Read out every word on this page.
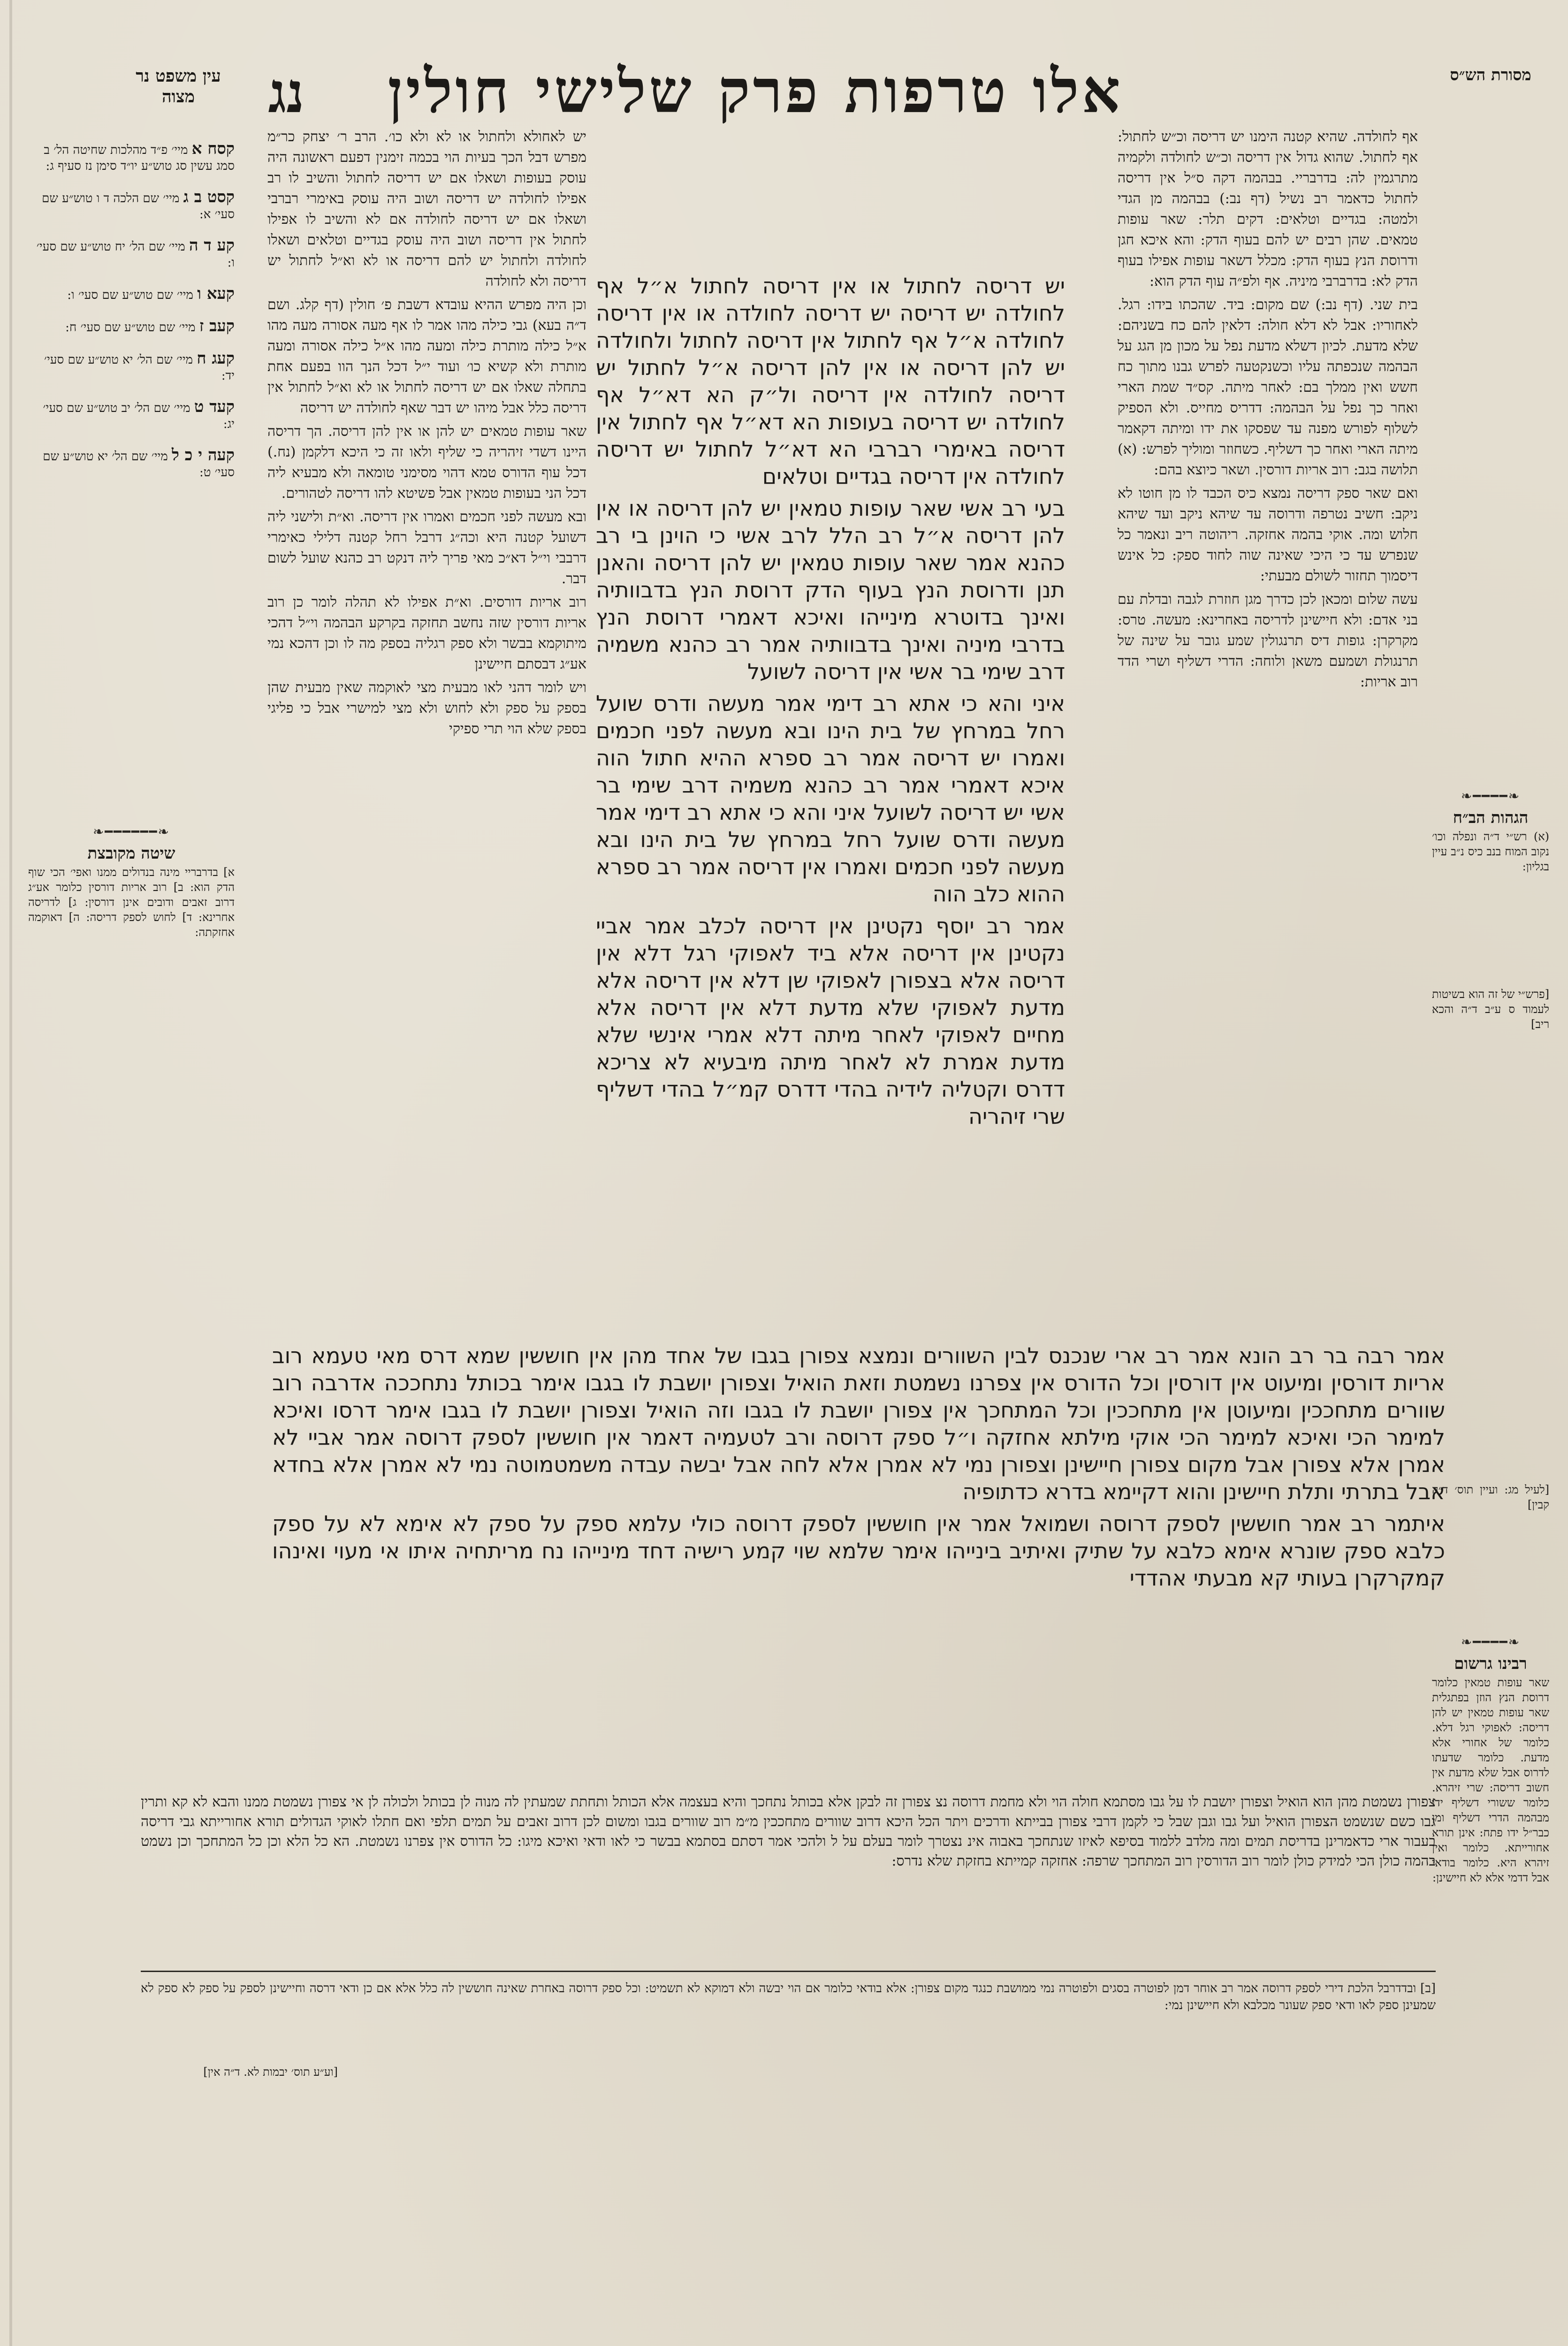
מסורת הש״ס
אלו טרפות פרק שלישי חולין
נג
עין משפט נר מצוה
❧━━━━❧
הגהות הב״ח
(א) רש״י ד״ה ונפלה וכו׳ נקוב המוח בנב כיס נ״ב עיין בגליון:
[פרש״י של זה הוא בשיטות לעמוד ס ע״ב ד״ה והכא ריב]
[לעיל מג: ועיין תוס׳ ד״ה קבין]
❧━━━━❧
רבינו גרשום
שאר עופות טמאין כלומר דרוסת הנץ הוזן בפתגלית שאר עופות טמאין יש להן דריסה: לאפוקי רגל דלא. כלומר של אחורי אלא מדעת. כלומר שדעתו לדרוס אבל שלא מדעת אין חשוב דריסה: שרי זיהרא. כלומר ששורי דשליף ידו מבהמה הדרי דשליף ומן כבר״ל ידו פתח: אינן תורא אחורייתא. כלומר ואין זיהרא היא. כלומר בודאי אבל דדמי אלא לא חיישינן:
קסח א מיי׳ פ״ד מהלכות שחיטה הל׳ ב סמג עשין סג טוש״ע יו״ד סימן נז סעיף ג:
קסט ב ג מיי׳ שם הלכה ד ו טוש״ע שם סעי׳ א:
קע ד ה מיי׳ שם הל׳ יח טוש״ע שם סעי׳ ו:
קעא ו מיי׳ שם טוש״ע שם סעי׳ ו:
קעב ז מיי׳ שם טוש״ע שם סעי׳ ח:
קעג ח מיי׳ שם הל׳ יא טוש״ע שם סעי׳ יד:
קעד ט מיי׳ שם הל׳ יב טוש״ע שם סעי׳ יג:
קעה י כ ל מיי׳ שם הל׳ יא טוש״ע שם סעי׳ ט:
❧━━━━━━❧
שיטה מקובצת
א] בדרבריי מינה בנדולים ממנו ואפי׳ הכי שוף הדק הוא: ב] רוב אריות דורסין כלומר אע״ג דרוב זאבים ודובים אינן דורסין: ג] לדריסה אחרינא: ד] לחוש לספק דריסה: ה] דאוקמה אחזקתה:

אף לחולדה. שהיא קטנה הימנו יש דריסה וכ״ש לחתול: אף לחתול. שהוא גדול אין דריסה וכ״ש לחולדה ולקמיה מתרגמין לה: בדרבריי. בבהמה דקה ס״ל אין דריסה לחתול כדאמר רב נשיל (דף נב:) בבהמה מן הגדי ולמטה: בגדיים וטלאים: דקים תלר: שאר עופות טמאים. שהן רבים יש להם בעוף הדק: והא איכא חגן ודרוסת הנץ בעוף הדק: מכלל דשאר עופות אפילו בעוף הדק לא: בדרברבי מיניה. אף ולפ״ה עוף הדק הוא:

בית שני. (דף נב:) שם מקום: ביד. שהכתו בידו: רגל. לאחוריו: אבל לא דלא חולה: דלאין להם כח בשניהם: שלא מדעת. לכיון דשלא מדעת נפל על מכון מן הגג על הבהמה שנכפתה עליו וכשנקטעה לפרש גבנו מתוך כח חשש ואין ממלך בם: לאחר מיתה. קס״ד שמת הארי ואחר כך נפל על הבהמה: דדריס מחייס. ולא הספיק לשלוף לפורש מפנה עד שפסקו את ידו ומיתה דקאמר מיתה הארי ואחר כך דשליף. כשחוזר ומוליך לפרש: (א) תלושה בגב: רוב אריות דורסין. ושאר כיוצא בהם:

ואם שאר ספק דריסה נמצא כיס הכבד לו מן חוטו לא ניקב: חשיב נטרפה ודרוסה עד שיהא ניקב ועד שיהא חלוש ומה. אוקי בהמה אחזקה. ריהוטה ריב ונאמר כל שנפרש עד כי היכי שאינה שוה לחוד ספק: כל אינש דיסמוך תחזור לשולם מבעתי:

עשה שלום ומכאן לכן כדרך מגן חוזרת לגבה ובדלת עם בני אדם: ולא חיישינן לדריסה באחרינא: מעשה. טרס: מקרקרן: גופות דיס תרנגולין שמע גובר על שינה של תרנגולת ושמעם משאן ולוחה: הדרי דשליף ושרי הדד רוב אריות:

יש דריסה לחתול או אין דריסה לחתול א״ל אף לחולדה יש דריסה יש דריסה לחולדה או אין דריסה לחולדה א״ל אף לחתול אין דריסה לחתול ולחולדה יש להן דריסה או אין להן דריסה א״ל לחתול יש דריסה לחולדה אין דריסה ול״ק הא דא״ל אף לחולדה יש דריסה בעופות הא דא״ל אף לחתול אין דריסה באימרי רברבי הא דא״ל לחתול יש דריסה לחולדה אין דריסה בגדיים וטלאים

בעי רב אשי שאר עופות טמאין יש להן דריסה או אין להן דריסה א״ל רב הלל לרב אשי כי הוינן בי רב כהנא אמר שאר עופות טמאין יש להן דריסה והאנן תנן ודרוסת הנץ בעוף הדק דרוסת הנץ בדבוותיה ואינך בדוטרא מינייהו ואיכא דאמרי דרוסת הנץ בדרבי מיניה ואינך בדבוותיה אמר רב כהנא משמיה דרב שימי בר אשי אין דריסה לשועל

איני והא כי אתא רב דימי אמר מעשה ודרס שועל רחל במרחץ של בית הינו ובא מעשה לפני חכמים ואמרו יש דריסה אמר רב ספרא ההיא חתול הוה איכא דאמרי אמר רב כהנא משמיה דרב שימי בר אשי יש דריסה לשועל איני והא כי אתא רב דימי אמר מעשה ודרס שועל רחל במרחץ של בית הינו ובא מעשה לפני חכמים ואמרו אין דריסה אמר רב ספרא ההוא כלב הוה

אמר רב יוסף נקטינן אין דריסה לכלב אמר אביי נקטינן אין דריסה אלא ביד לאפוקי רגל דלא אין דריסה אלא בצפורן לאפוקי שן דלא אין דריסה אלא מדעת לאפוקי שלא מדעת דלא אין דריסה אלא מחיים לאפוקי לאחר מיתה דלא אמרי אינשי שלא מדעת אמרת לא לאחר מיתה מיבעיא לא צריכא דדרס וקטליה לידיה בהדי דדרס קמ״ל בהדי דשליף שרי זיהריה

יש לאחולא ולחתול או לא ולא כו׳. הרב ר׳ יצחק כר״מ מפרש דבל הכך בעיות הוי בכמה זימנין דפעם ראשונה היה עוסק בעופות ושאלו אם יש דריסה לחתול והשיב לו רב אפילו לחולדה יש דריסה ושוב היה עוסק באימרי רברבי ושאלו אם יש דריסה לחולדה אם לא והשיב לו אפילו לחתול אין דריסה ושוב היה עוסק בגדיים וטלאים ושאלו לחולדה ולחתול יש להם דריסה או לא וא״ל לחתול יש דריסה ולא לחולדה

וכן היה מפרש ההיא עובדא דשבת פ׳ חולין (דף קלג. ושם ד״ה בעא) גבי כילה מהו אמר לו אף מעה אסורה מעה מהו א״ל כילה מותרת כילה ומעה מהו א״ל כילה אסורה ומעה מותרת ולא קשיא כו׳ ועוד י״ל דכל הנך הוו בפעם אחת בתחלה שאלו אם יש דריסה לחתול או לא וא״ל לחתול אין דריסה כלל אבל מיהו יש דבר שאף לחולדה יש דריסה

שאר עופות טמאים יש להן או אין להן דריסה. הך דריסה היינו דשדי זיהריה כי שליף ולאו זה כי היכא דלקמן (נח.) דכל עוף הדורס טמא דהוי מסימני טומאה ולא מבעיא ליה דכל הני בעופות טמאין אבל פשיטא להו דריסה לטהורים.

ובא מעשה לפני חכמים ואמרו אין דריסה. וא״ת ולישני ליה דשועל קטנה היא וכה״ג דרבל רחל קטנה דלילי כאימרי דרבבי וי״ל דא״כ מאי פריך ליה דנקט רב כהנא שועל לשום דבר.

רוב אריות דורסים. וא״ת אפילו לא תהלה לומר כן רוב אריות דורסין שזה נחשב תחזקה בקרקע הבהמה וי״ל דהכי מיתוקמא בבשר ולא ספק רגליה בספק מה לו וכן דהכא נמי אע״ג דבסתם חיישינן

ויש לומר דהני לאו מבעית מצי לאוקמה שאין מבעית שהן בספק על ספק ולא לחוש ולא מצי למישרי אבל כי פליגי בספק שלא הוי תרי ספיקי

אמר רבה בר רב הונא אמר רב ארי שנכנס לבין השוורים ונמצא צפורן בגבו של אחד מהן אין חוששין שמא דרס מאי טעמא רוב אריות דורסין ומיעוט אין דורסין וכל הדורס אין צפרנו נשמטת וזאת הואיל וצפורן יושבת לו בגבו אימר בכותל נתחככה אדרבה רוב שוורים מתחככין ומיעוטן אין מתחככין וכל המתחכך אין צפורן יושבת לו בגבו וזה הואיל וצפורן יושבת לו בגבו אימר דרסו ואיכא למימר הכי ואיכא למימר הכי אוקי מילתא אחזקה ו״ל ספק דרוסה ורב לטעמיה דאמר אין חוששין לספק דרוסה אמר אביי לא אמרן אלא צפורן אבל מקום צפורן חיישינן וצפורן נמי לא אמרן אלא לחה אבל יבשה עבדה משמטמוטה נמי לא אמרן אלא בחדא אבל בתרתי ותלת חיישינן והוא דקיימא בדרא כדתופיה

איתמר רב אמר חוששין לספק דרוסה ושמואל אמר אין חוששין לספק דרוסה כולי עלמא ספק על ספק לא אימא לא על ספק כלבא ספק שונרא אימא כלבא על שתיק ואיתיב בינייהו אימר שלמא שוי קמע רישיה דחד מינייהו נח מריתחיה איתו אי מעוי ואינהו קמקרקרן בעותי קא מבעתי אהדדי

צפורן נשמטת מהן הוא הואיל וצפורן יושבת לו על גבו מסתמא חולה הוי ולא מחמת דרוסה נצ צפורן זה לבקן אלא בכותל נתחכך והיא בעצמה אלא הכותל ותחתת שמעתין לה מנוה לן בכותל ולכולה לן אי צפורן נשמטת ממנו והבא לא קא ותרין גבו כשם שנשמט הצפורן הואיל ועל גבו וגבן שבל כי לקמן דרבי צפורן בבייתא ודרכים ויתר הכל היכא דרוב שוורים מתחככין מ״מ רוב שוורים בגבו ומשום לכן דרוב זאבים על תמים תלפי ואם חתלו לאוקי הגדולים תורא אחורייתא גבי דריסה בעבור ארי כדאמרינן בדריסת תמים ומה מלדב ללמוד בסיפא לאיזו שנתחכך באבוה אינ נצטרך לומר בעלם על ל ולהכי אמר דסתם בסתמא בבשר כי לאו ודאי ואיכא מיגו: כל הדורס אין צפרנו נשמטת. הא כל הלא וכן כל המתחכך וכן נשמט בהמה כולן הכי למידק כולן לומר רוב הדורסין רוב המתחכך שרפה: אחזקה קמייתא בחזקת שלא נדרס:
[ב] ובדדרבל הלכת דירי לספק דרוסה אמר רב אוחר דמן לפוטרה בסגים ולפוטרה נמי ממושבת כנגד מקום צפורן: אלא בודאי כלומר אם הוי יבשה ולא דמוקא לא תשמיט: וכל ספק דרוסה באחרת שאינה חוששין לה כלל אלא אם כן ודאי דרסה וחיישינן לספק על ספק לא ספק לא שמעינן ספק לאו ודאי ספק שעונר מכלבא ולא חיישינן נמי:
[וע״ע תוס׳ יבמות לא. ד״ה אין]
